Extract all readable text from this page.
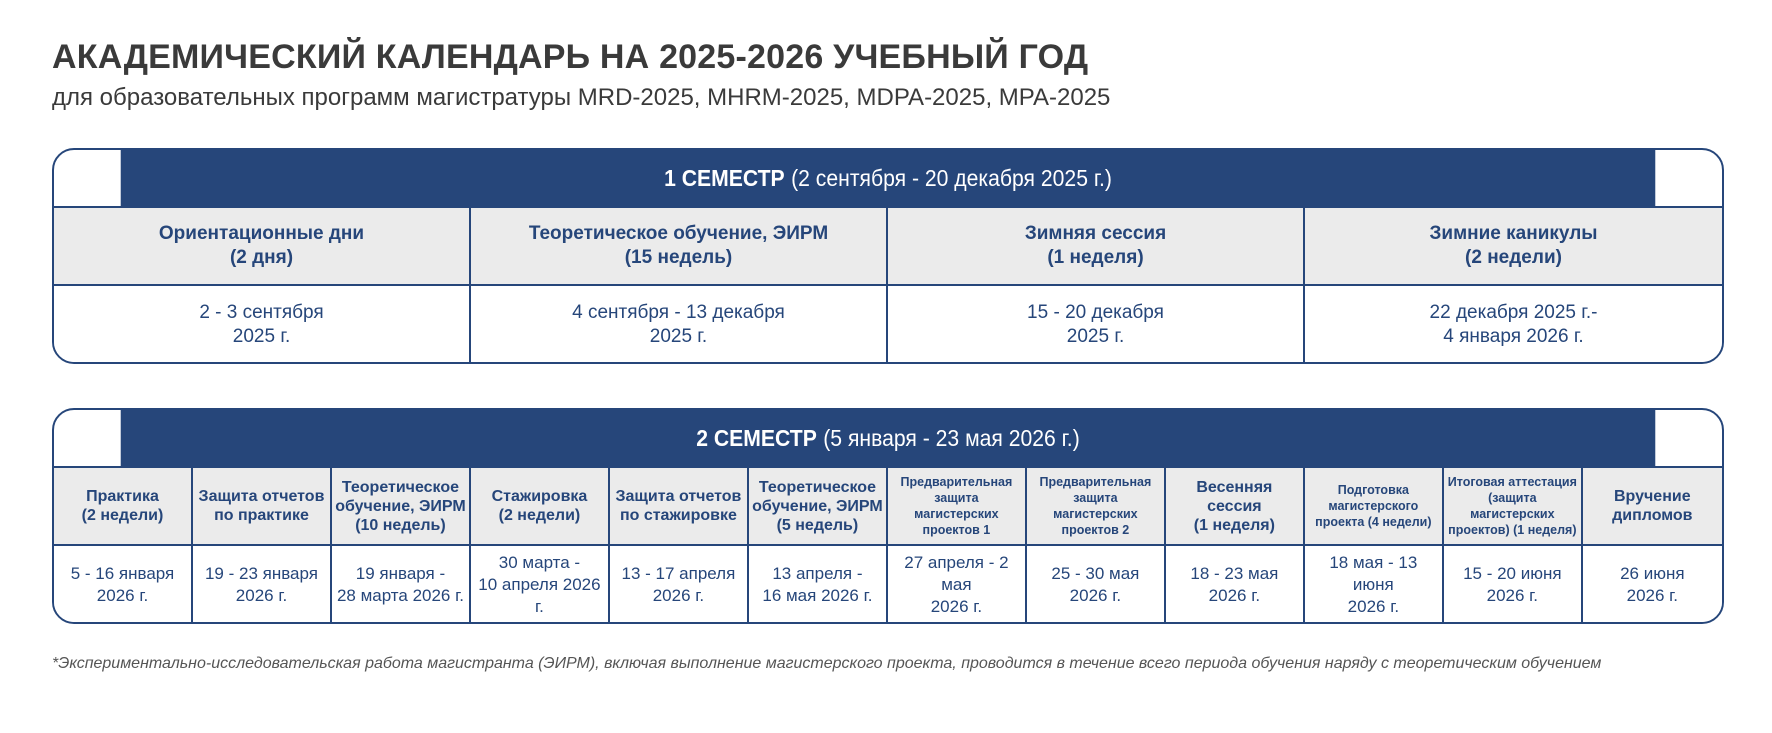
АКАДЕМИЧЕСКИЙ КАЛЕНДАРЬ НА 2025-2026 УЧЕБНЫЙ ГОД

для образовательных программ магистратуры MRD-2025, MHRM-2025, MDPA-2025, MPA-2025

1 СЕМЕСТР (2 сентября - 20 декабря 2025 г.)
Ориентационные дни
(2 дня)
Теоретическое обучение, ЭИРМ
(15 недель)
Зимняя сессия
(1 неделя)
Зимние каникулы
(2 недели)
2 - 3 сентября
2025 г.
4 сентября - 13 декабря
2025 г.
15 - 20 декабря
2025 г.
22 декабря 2025 г.-
4 января 2026 г.
2 СЕМЕСТР (5 января - 23 мая 2026 г.)
Практика
(2 недели)
Защита отчетов
по практике
Теоретическое
обучение, ЭИРМ
(10 недель)
Стажировка
(2 недели)
Защита отчетов
по стажировке
Теоретическое
обучение, ЭИРМ
(5 недель)
Предварительная
защита магистерских
проектов 1
Предварительная
защита магистерских
проектов 2
Весенняя сессия
(1 неделя)
Подготовка
магистерского
проекта (4 недели)
Итоговая аттестация
(защита магистерских
проектов) (1 неделя)
Вручение
дипломов
5 - 16 января
2026 г.
19 - 23 января
2026 г.
19 января -
28 марта 2026 г.
30 марта -
10 апреля 2026 г.
13 - 17 апреля
2026 г.
13 апреля -
16 мая 2026 г.
27 апреля - 2 мая
2026 г.
25 - 30 мая
2026 г.
18 - 23 мая
2026 г.
18 мая - 13 июня
2026 г.
15 - 20 июня
2026 г.
26 июня
2026 г.
*Экспериментально-исследовательская работа магистранта (ЭИРМ), включая выполнение магистерского проекта, проводится в течение всего периода обучения наряду с теоретическим обучением
